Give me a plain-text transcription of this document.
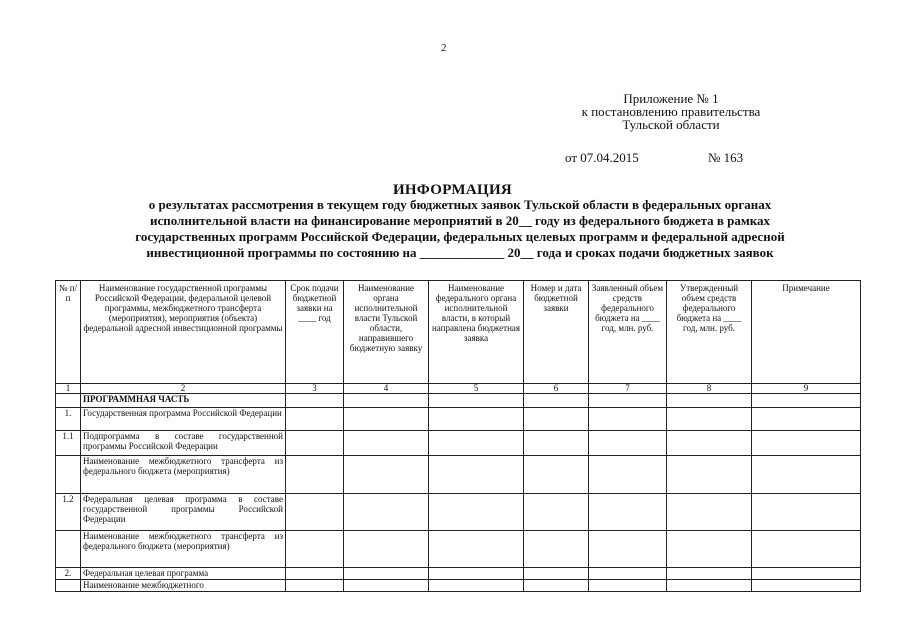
2
Приложение № 1
к постановлению правительства
Тульской области
от 07.04.2015	№ 163
ИНФОРМАЦИЯ
о результатах рассмотрения в текущем году бюджетных заявок Тульской области в федеральных органах
исполнительной власти на финансирование мероприятий в 20__ году из федерального бюджета в рамках
государственных программ Российской Федерации, федеральных целевых программ и федеральной адресной
инвестиционной программы по состоянию на _____________ 20__ года и сроках подачи бюджетных заявок
№ п/п	Наименование государственной программы Российской Федерации, федеральной целевой программы, межбюджетного трансферта (мероприятия), мероприятия (объекта) федеральной адресной инвестиционной программы	Срок подачи бюджетной заявки на ____ год	Наименование органа исполнительной власти Тульской области, направившего бюджетную заявку	Наименование федерального органа исполнительной власти, в который направлена бюджетная заявка	Номер и дата бюджетной заявки	Заявленный объем средств федерального бюджета на ____ год, млн. руб.	Утвержденный объем средств федерального бюджета на ____ год, млн. руб.	Примечание
1	2	3	4	5	6	7	8	9
	ПРОГРАММНАЯ ЧАСТЬ							
1.	Государственная программа Российской Федерации							
1.1	Подпрограмма в составе государственной программы Российской Федерации							
	Наименование межбюджетного трансферта из федерального бюджета (мероприятия)							
1.2	Федеральная целевая программа в составе государственной программы Российской Федерации							
	Наименование межбюджетного трансферта из федерального бюджета (мероприятия)							
2.	Федеральная целевая программа							
	Наименование межбюджетного							
